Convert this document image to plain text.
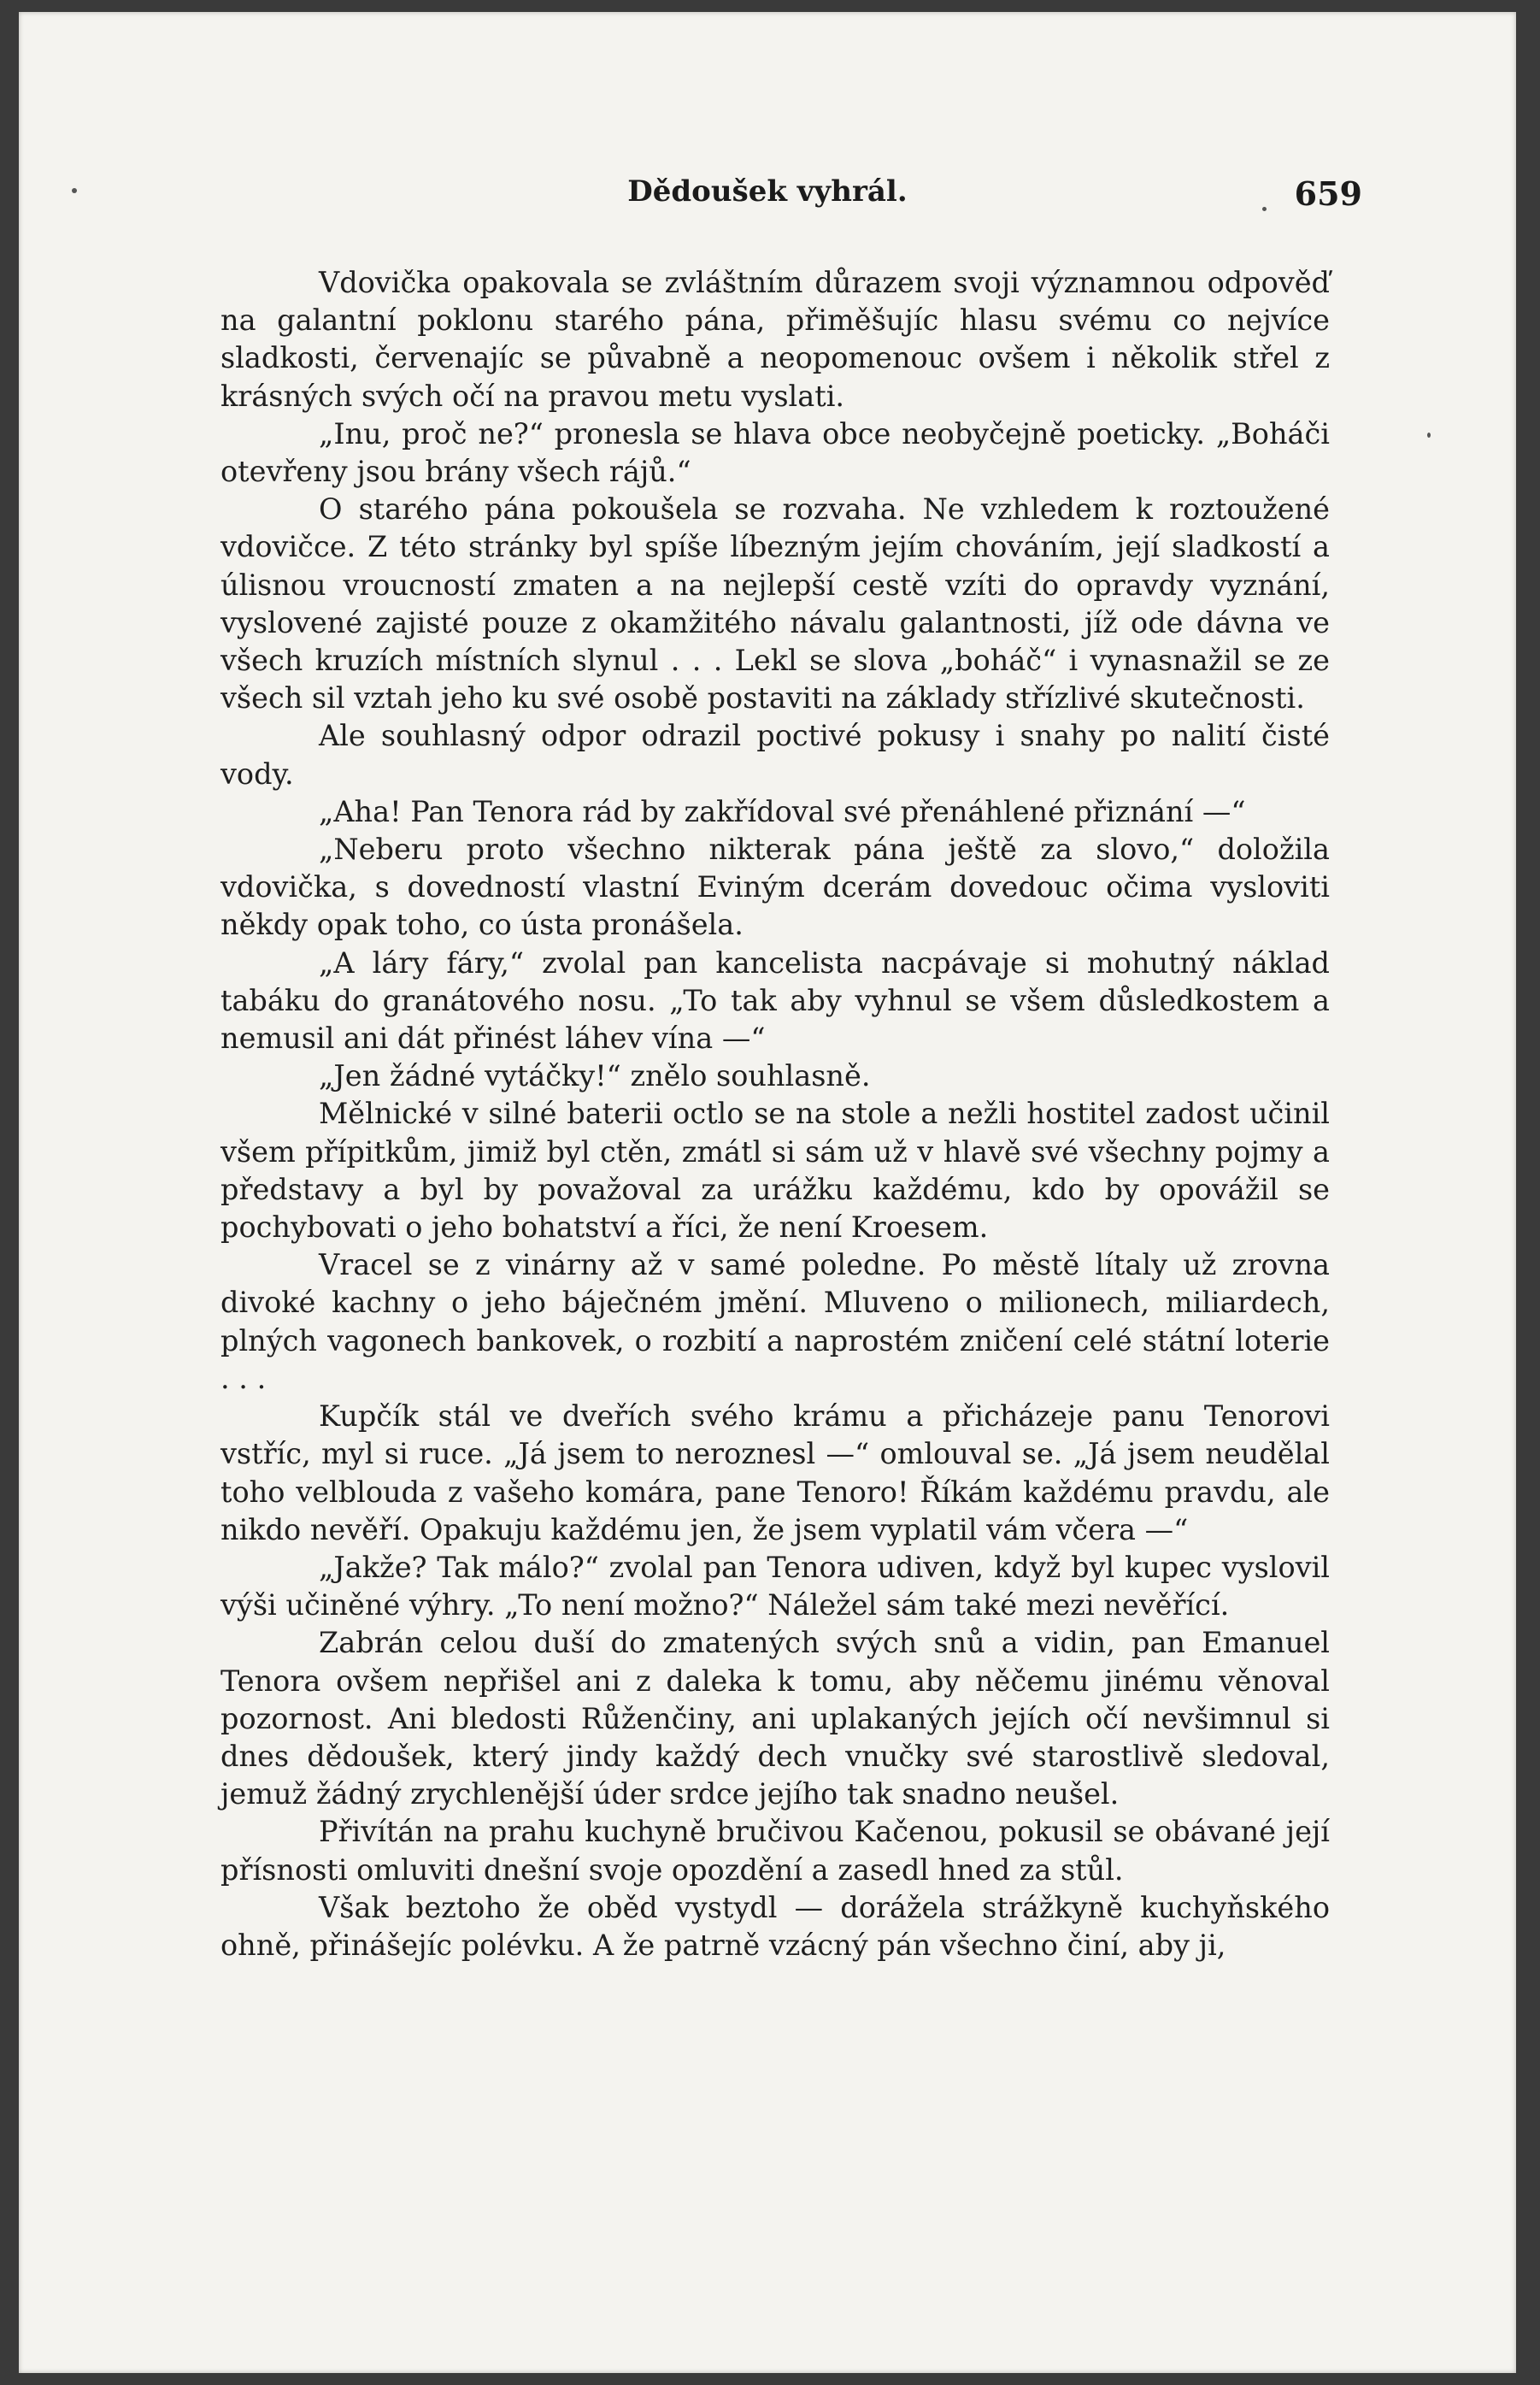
Dědoušek vyhrál.	659

Vdovička opakovala se zvláštním důrazem svoji významnou odpověď na galantní poklonu starého pána, přiměšujíc hlasu svému co nejvíce sladkosti, červenajíc se půvabně a neopomenouc ovšem i několik střel z krásných svých očí na pravou metu vyslati.

„Inu, proč ne?“ pronesla se hlava obce neobyčejně poeticky. „Boháči otevřeny jsou brány všech rájů.“

O starého pána pokoušela se rozvaha. Ne vzhledem k roztoužené vdovičce. Z této stránky byl spíše líbezným jejím chováním, její sladkostí a úlisnou vroucností zmaten a na nejlepší cestě vzíti do opravdy vyznání, vyslovené zajisté pouze z okamžitého návalu galantnosti, jíž ode dávna ve všech kruzích místních slynul . . . Lekl se slova „boháč“ i vynasnažil se ze všech sil vztah jeho ku své osobě postaviti na základy střízlivé skutečnosti.

Ale souhlasný odpor odrazil poctivé pokusy i snahy po nalití čisté vody.

„Aha! Pan Tenora rád by zakřídoval své přenáhlené přiznání —“

„Neberu proto všechno nikterak pána ještě za slovo,“ doložila vdovička, s dovedností vlastní Eviným dcerám dovedouc očima vysloviti někdy opak toho, co ústa pronášela.

„A láry fáry,“ zvolal pan kancelista nacpávaje si mohutný náklad tabáku do granátového nosu. „To tak aby vyhnul se všem důsledkostem a nemusil ani dát přinést láhev vína —“

„Jen žádné vytáčky!“ znělo souhlasně.

Mělnické v silné baterii octlo se na stole a nežli hostitel zadost učinil všem přípitkům, jimiž byl ctěn, zmátl si sám už v hlavě své všechny pojmy a představy a byl by považoval za urážku každému, kdo by opovážil se pochybovati o jeho bohatství a říci, že není Kroesem.

Vracel se z vinárny až v samé poledne. Po městě lítaly už zrovna divoké kachny o jeho báječném jmění. Mluveno o milionech, miliardech, plných vagonech bankovek, o rozbití a naprostém zničení celé státní loterie . . .

Kupčík stál ve dveřích svého krámu a přicházeje panu Tenorovi vstříc, myl si ruce. „Já jsem to neroznesl —“ omlouval se. „Já jsem neudělal toho velblouda z vašeho komára, pane Tenoro! Říkám každému pravdu, ale nikdo nevěří. Opakuju každému jen, že jsem vyplatil vám včera —“

„Jakže? Tak málo?“ zvolal pan Tenora udiven, když byl kupec vyslovil výši učiněné výhry. „To není možno?“ Náležel sám také mezi nevěřící.

Zabrán celou duší do zmatených svých snů a vidin, pan Emanuel Tenora ovšem nepřišel ani z daleka k tomu, aby něčemu jinému věnoval pozornost. Ani bledosti Růženčiny, ani uplakaných jejích očí nevšimnul si dnes dědoušek, který jindy každý dech vnučky své starostlivě sledoval, jemuž žádný zrychlenější úder srdce jejího tak snadno neušel.

Přivítán na prahu kuchyně bručivou Kačenou, pokusil se obávané její přísnosti omluviti dnešní svoje opozdění a zasedl hned za stůl.

Však beztoho že oběd vystydl — dorážela strážkyně kuchyňského ohně, přinášejíc polévku. A že patrně vzácný pán všechno činí, aby ji,
